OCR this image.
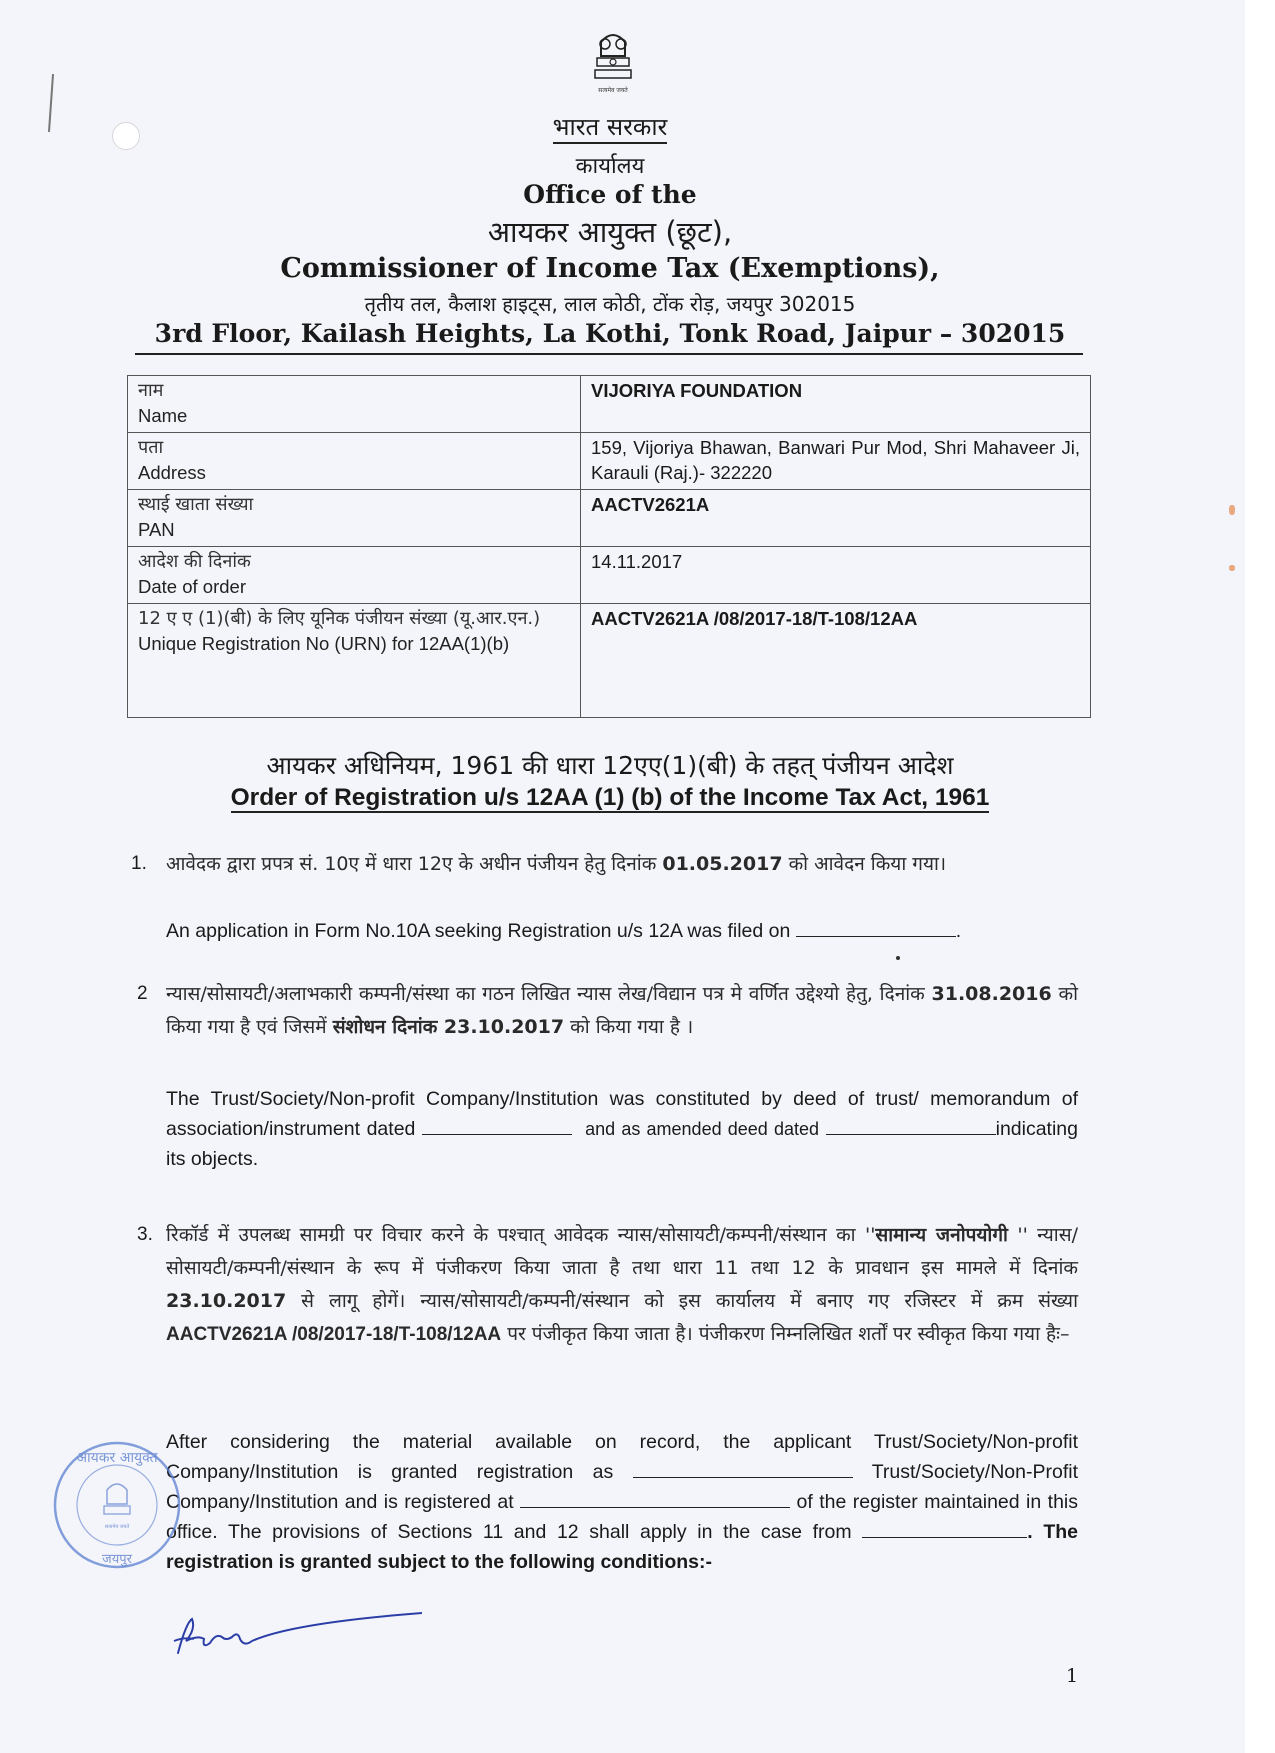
सत्यमेव जयते
भारत सरकार
कार्यालय
Office of the
आयकर आयुक्त (छूट),
Commissioner of Income Tax (Exemptions),
तृतीय तल, कैलाश हाइट्स, लाल कोठी, टोंक रोड़, जयपुर 302015
3rd Floor, Kailash Heights, La Kothi, Tonk Road, Jaipur – 302015
नाम
Name	VIJORIYA FOUNDATION

पता
Address	159, Vijoriya Bhawan, Banwari Pur Mod, Shri Mahaveer Ji, Karauli (Raj.)- 322220

स्थाई खाता संख्या
PAN	AACTV2621A

आदेश की दिनांक
Date of order	14.11.2017

12 ए ए (1)(बी) के लिए यूनिक पंजीयन संख्या (यू.आर.एन.)
Unique Registration No (URN) for 12AA(1)(b)	AACTV2621A /08/2017-18/T-108/12AA
आयकर अधिनियम, 1961 की धारा 12एए(1)(बी) के तहत् पंजीयन आदेश
Order of Registration u/s 12AA (1) (b) of the Income Tax Act, 1961
1. आवेदक द्वारा प्रपत्र सं. 10ए में धारा 12ए के अधीन पंजीयन हेतु दिनांक 01.05.2017 को आवेदन किया गया।
An application in Form No.10A seeking Registration u/s 12A was filed on	.
2 न्यास/सोसायटी/अलाभकारी कम्पनी/संस्था का गठन लिखित न्यास लेख/विद्यान पत्र मे वर्णित उद्देश्यो हेतु, दिनांक 31.08.2016 को किया गया है एवं जिसमें संशोधन दिनांक 23.10.2017 को किया गया है ।
The Trust/Society/Non-profit Company/Institution was constituted by deed of trust/ memorandum of association/instrument dated	and as amended deed dated	indicating its objects.
3. रिकॉर्ड में उपलब्ध सामग्री पर विचार करने के पश्चात् आवेदक न्यास/सोसायटी/कम्पनी/संस्थान का ''सामान्य जनोपयोगी '' न्यास/सोसायटी/कम्पनी/संस्थान के रूप में पंजीकरण किया जाता है तथा धारा 11 तथा 12 के प्रावधान इस मामले में दिनांक 23.10.2017 से लागू होगें। न्यास/सोसायटी/कम्पनी/संस्थान को इस कार्यालय में बनाए गए रजिस्टर में क्रम संख्या AACTV2621A /08/2017-18/T-108/12AA पर पंजीकृत किया जाता है। पंजीकरण निम्नलिखित शर्तों पर स्वीकृत किया गया हैः–
After considering the material available on record, the applicant Trust/Society/Non-profit Company/Institution is granted registration as	Trust/Society/Non-Profit Company/Institution and is registered at	of the register maintained in this office. The provisions of Sections 11 and 12 shall apply in the case from	. The registration is granted subject to the following conditions:-
आयकर आयुक्त
जयपुर
सत्यमेव जयते
1
